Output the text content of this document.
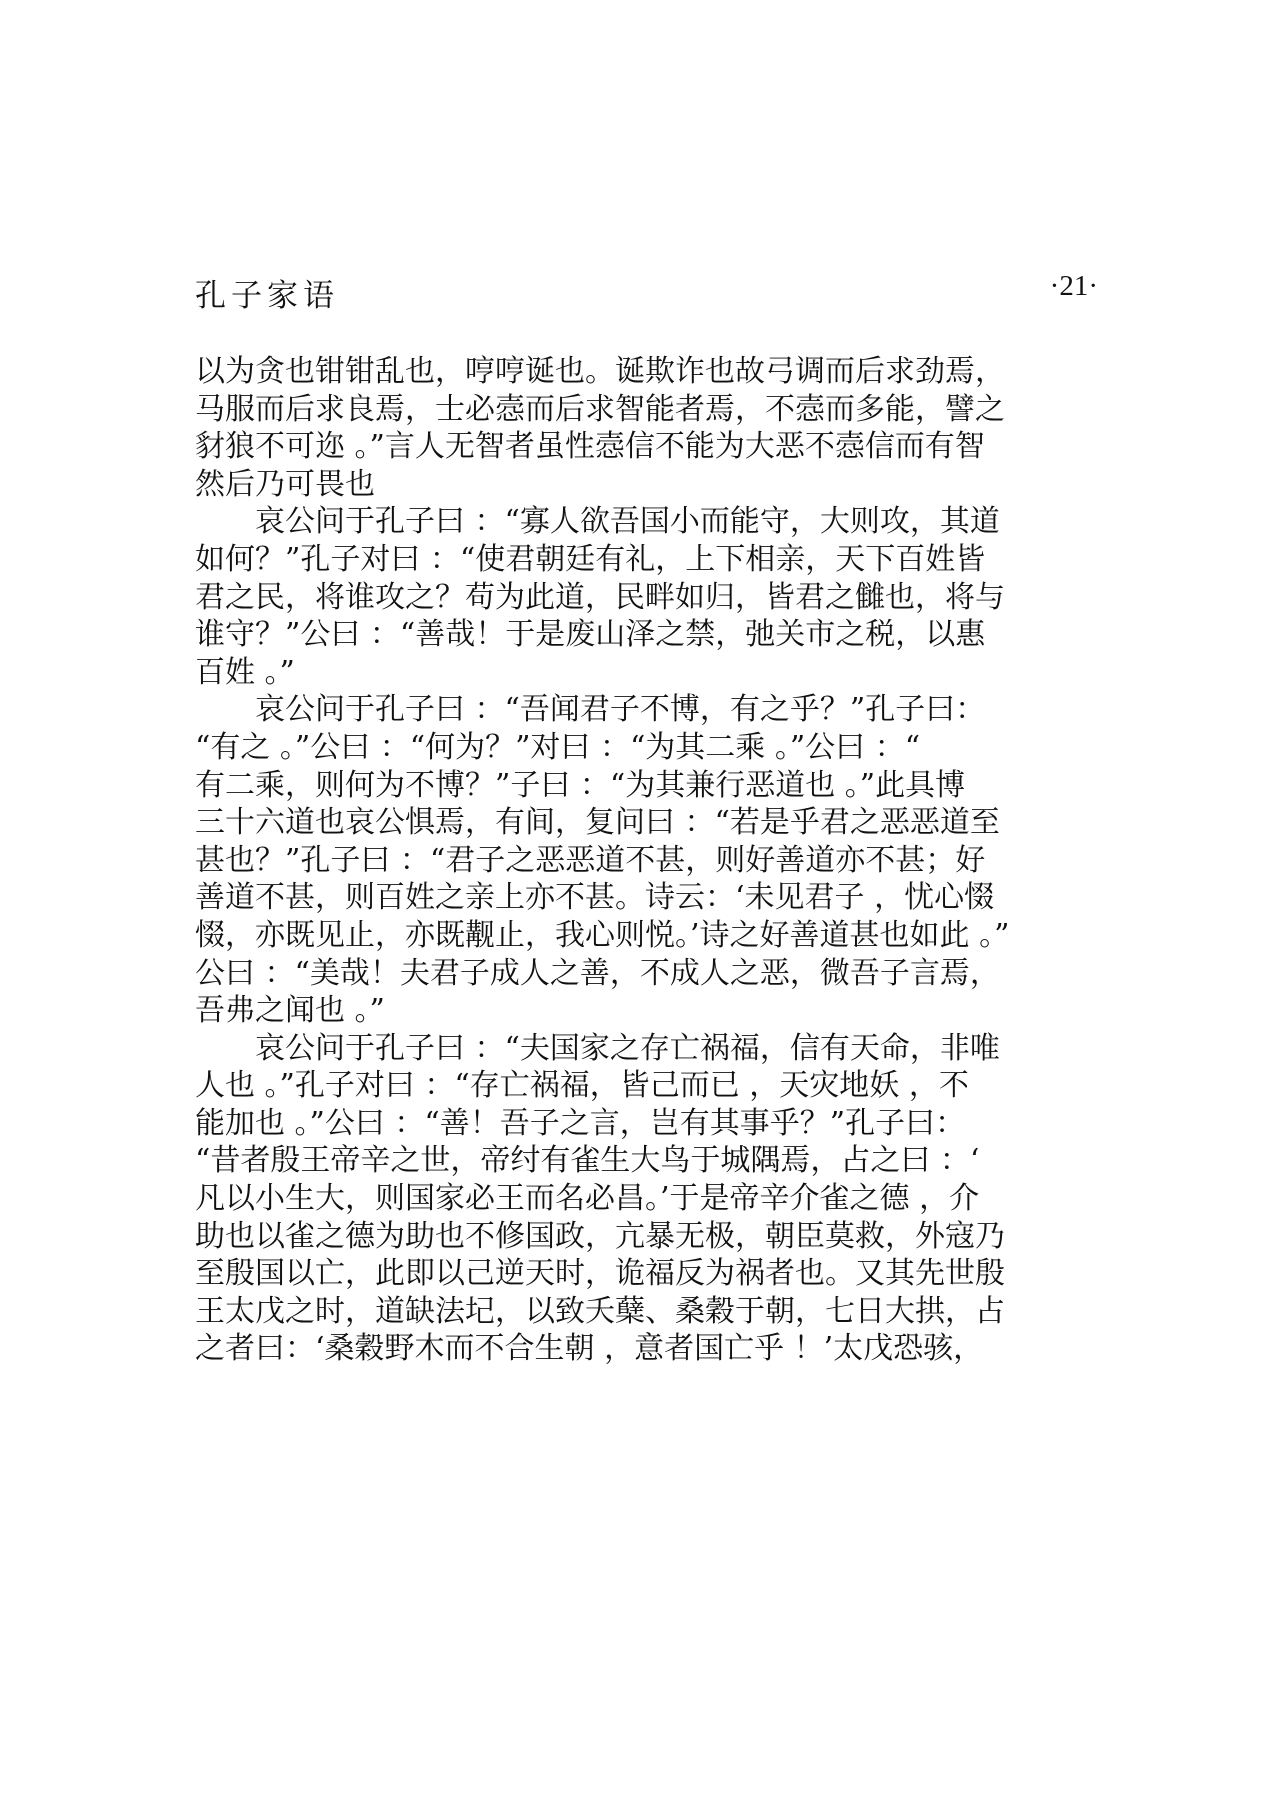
孔子家语	·21·
以为贪也钳钳乱也，哼哼诞也。诞欺诈也故弓调而后求劲焉，
马服而后求良焉，士必悫而后求智能者焉，不悫而多能，譬之
豺狼不可迩 。”言人无智者虽性悫信不能为大恶不悫信而有智
然后乃可畏也
　　哀公问于孔子曰 ：“寡人欲吾国小而能守，大则攻，其道
如何？”孔子对曰 ：“使君朝廷有礼，上下相亲，天下百姓皆
君之民，将谁攻之？苟为此道，民畔如归，皆君之雠也，将与
谁守？”公曰 ：“善哉！于是废山泽之禁，弛关市之税，以惠
百姓 。”
　　哀公问于孔子曰 ：“吾闻君子不博，有之乎？”孔子曰：
“有之 。”公曰 ：“何为？”对曰 ：“为其二乘 。”公曰 ：“
有二乘，则何为不博？”子曰 ：“为其兼行恶道也 。”此具博
三十六道也哀公惧焉，有间，复问曰 ：“若是乎君之恶恶道至
甚也？”孔子曰 ：“君子之恶恶道不甚，则好善道亦不甚；好
善道不甚，则百姓之亲上亦不甚。诗云：‘未见君子 ，忧心惙
惙，亦既见止，亦既觏止，我心则悦。’诗之好善道甚也如此 。”
公曰 ：“美哉！夫君子成人之善，不成人之恶，微吾子言焉，
吾弗之闻也 。”
　　哀公问于孔子曰 ：“夫国家之存亡祸福，信有天命，非唯
人也 。”孔子对曰 ：“存亡祸福，皆己而已 ，天灾地妖 ，不
能加也 。”公曰 ：“善！吾子之言，岂有其事乎？”孔子曰：
“昔者殷王帝辛之世，帝纣有雀生大鸟于城隅焉，占之曰 ：‘
凡以小生大，则国家必王而名必昌。’于是帝辛介雀之德 ，介
助也以雀之德为助也不修国政，亢暴无极，朝臣莫救，外寇乃
至殷国以亡，此即以己逆天时，诡福反为祸者也。又其先世殷
王太戊之时，道缺法圮，以致夭蘖、桑穀于朝，七日大拱，占
之者曰：‘桑穀野木而不合生朝 ，意者国亡乎 ！’太戊恐骇，
